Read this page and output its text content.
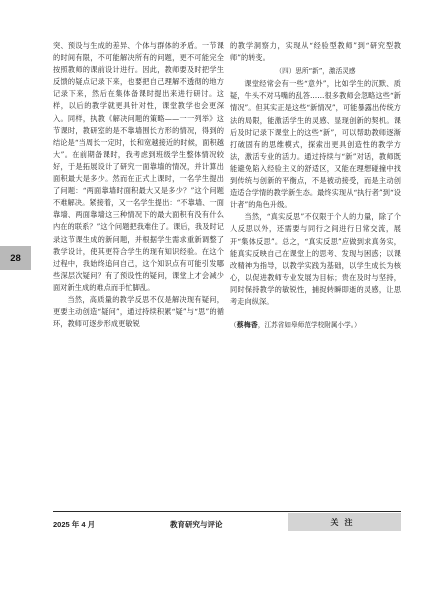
28

突、预设与生成的差异、个体与群体的矛盾。一节课的时间有限，不可能解决所有的问题，更不可能完全按照教师的课前设计进行。因此，教师要及时把学生反馈的疑点记录下来，也要把自己理解不透彻的地方记录下来，然后在集体备课时提出来进行研讨。这样，以后的教学就更具针对性，课堂教学也会更深入。同样，执教《解决问题的策略——一一列举》这节课时，教研室的是不靠墙围长方形的情况，得到的结论是“当周长一定时，长和宽越接近的时候，面积越大”。在前期备课时，我考虑到班级学生整体情况较好，于是拓展设计了研究一面靠墙的情况，并计算出面积最大是多少。然而在正式上课时，一名学生提出了问题：“两面靠墙时面积最大又是多少？”这个问题不难解决。紧接着，又一名学生提出：“不靠墙、一面靠墙、两面靠墙这三种情况下的最大面积有没有什么内在的联系？”这个问题把我难住了。课后，我及时记录这节课生成的新问题，并根据学生需求重新调整了教学设计，使其更符合学生的现有知识经验。在这个过程中，我始终追问自己，这个知识点有可能引发哪些深层次疑问？有了预设性的疑问，课堂上才会减少面对新生成的难点而手忙脚乱。

当然，高质量的教学反思不仅是解决现有疑问，更要主动创造“疑问”，通过持续积累“疑”与“思”的循环，教师可逐步形成更敏锐

的教学洞察力，实现从“经验型教师”到“研究型教师”的转变。

（四）思所“新”，激活灵感

课堂经常会有一些“意外”，比如学生的沉默、质疑，牛头不对马嘴的乱答……很多教师会忽略这些“新情况”。但其实正是这些“新情况”，可能暴露出传统方法的局限，能激活学生的灵感、显现创新的契机。课后及时记录下课堂上的这些“新”，可以帮助教师逐渐打破固有的思维模式，探索出更具创造性的教学方法，激活专业的活力。通过持续与“新”对话，教师既能避免陷入经验主义的舒适区，又能在理想碰撞中找到传统与创新的平衡点，不是被动接受，而是主动创造适合学情的教学新生态。最终实现从“执行者”到“设计者”的角色升级。

当然，“真实反思”不仅限于个人的力量，除了个人反思以外，还需要与同行之间进行日常交流，展开“集体反思”。总之，“真实反思”应做到求真务实，能真实反映自己在课堂上的思考、发现与困惑；以课改精神为指导，以教学实践为基础，以学生成长为核心，以促进教师专业发展为目标；贵在及时与坚持，同时保持教学的敏锐性，捕捉转瞬即逝的灵感，让思考走向纵深。

（蔡梅香，江苏省如皋师范学校附属小学。）

2025 年 4 月	教育研究与评论	关注
